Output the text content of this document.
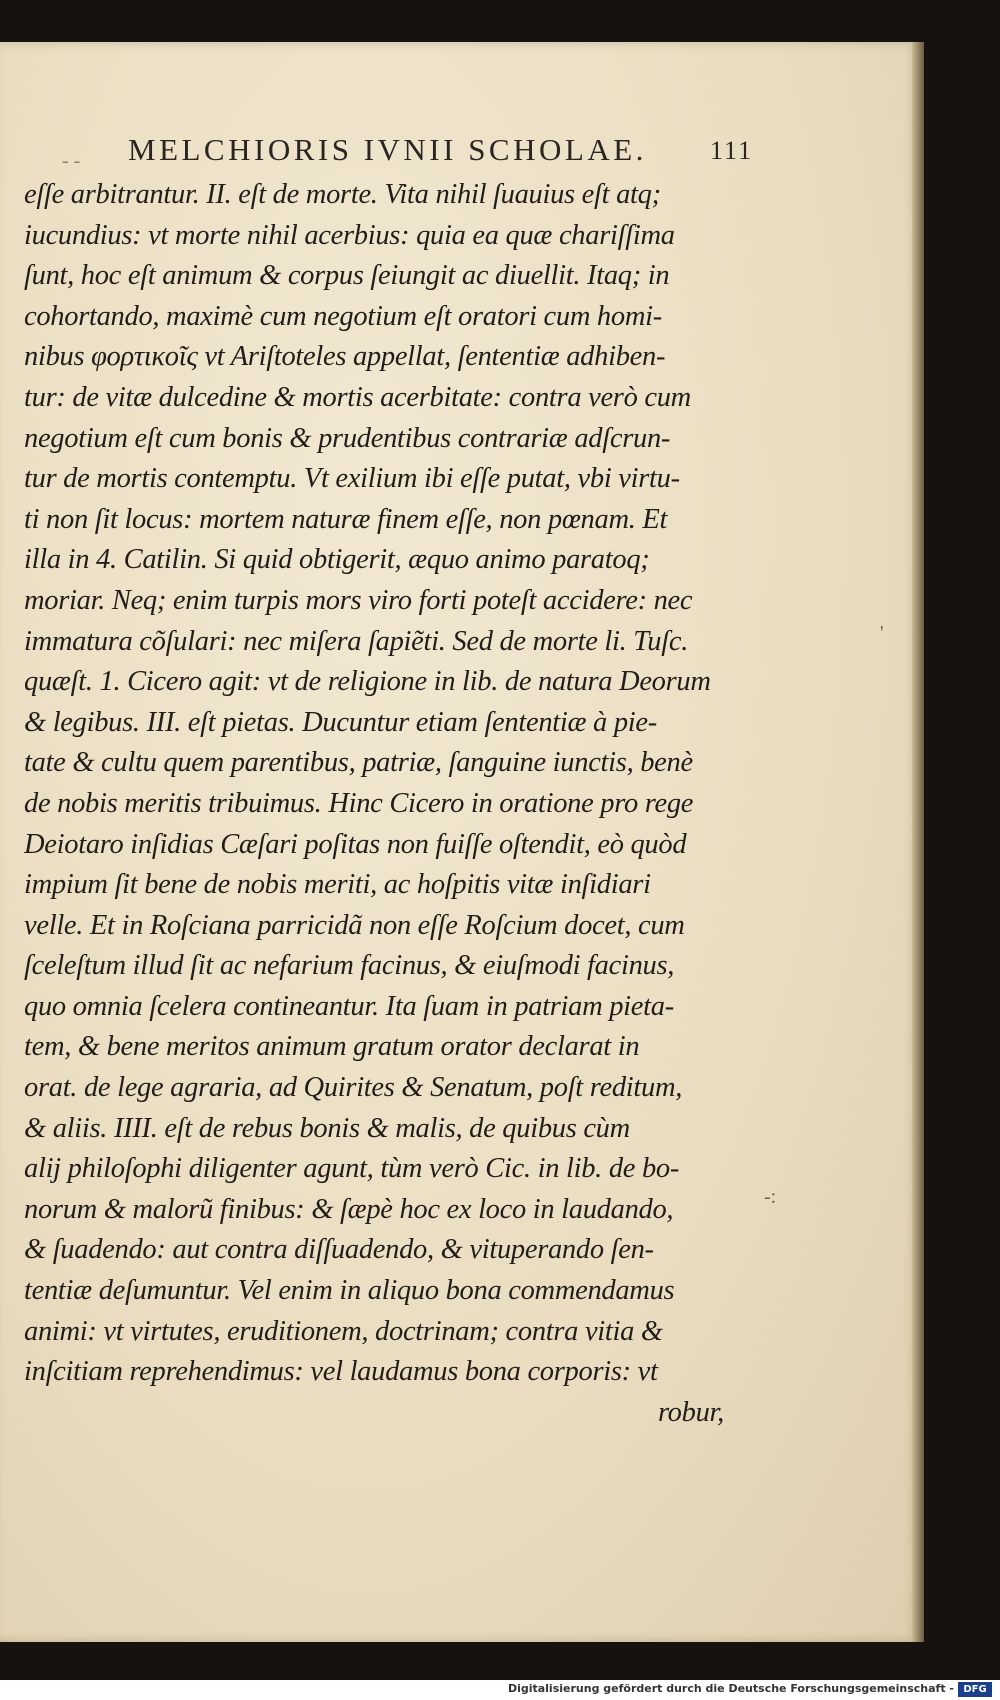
- - MELCHIORIS IVNII SCHOLAE. 111
eſſe arbitrantur. II. eſt de morte. Vita nihil ſuauius eſt atq;
iucundius: vt morte nihil acerbius: quia ea quæ chariſſima
ſunt, hoc eſt animum & corpus ſeiungit ac diuellit. Itaq; in
cohortando, maximè cum negotium eſt oratori cum homi-
nibus φορτικοῖς vt Ariſtoteles appellat, ſententiæ adhiben-
tur: de vitæ dulcedine & mortis acerbitate: contra verò cum
negotium eſt cum bonis & prudentibus contrariæ adſcrun-
tur de mortis contemptu. Vt exilium ibi eſſe putat, vbi virtu-
ti non ſit locus: mortem naturæ finem eſſe, non pœnam. Et
illa in 4. Catilin. Si quid obtigerit, æquo animo paratoq;
moriar. Neq; enim turpis mors viro forti poteſt accidere: nec
immatura cõſulari: nec miſera ſapiẽti. Sed de morte li. Tuſc.
quæſt. 1. Cicero agit: vt de religione in lib. de natura Deorum
& legibus. III. eſt pietas. Ducuntur etiam ſententiæ à pie-
tate & cultu quem parentibus, patriæ, ſanguine iunctis, benè
de nobis meritis tribuimus. Hinc Cicero in oratione pro rege
Deiotaro inſidias Cæſari poſitas non fuiſſe oſtendit, eò quòd
impium ſit bene de nobis meriti, ac hoſpitis vitæ inſidiari
velle. Et in Roſciana parricidã non eſſe Roſcium docet, cum
ſceleſtum illud ſit ac nefarium facinus, & eiuſmodi facinus,
quo omnia ſcelera contineantur. Ita ſuam in patriam pieta-
tem, & bene meritos animum gratum orator declarat in
orat. de lege agraria, ad Quirites & Senatum, poſt reditum,
& aliis. IIII. eſt de rebus bonis & malis, de quibus cùm
alij philoſophi diligenter agunt, tùm verò Cic. in lib. de bo-
norum & malorũ finibus: & ſæpè hoc ex loco in laudando,
& ſuadendo: aut contra diſſuadendo, & vituperando ſen-
tentiæ deſumuntur. Vel enim in aliquo bona commendamus
animi: vt virtutes, eruditionem, doctrinam; contra vitia &
inſcitiam reprehendimus: vel laudamus bona corporis: vt
robur,
'
-:
Digitalisierung gefördert durch die Deutsche Forschungsgemeinschaft - DFG
